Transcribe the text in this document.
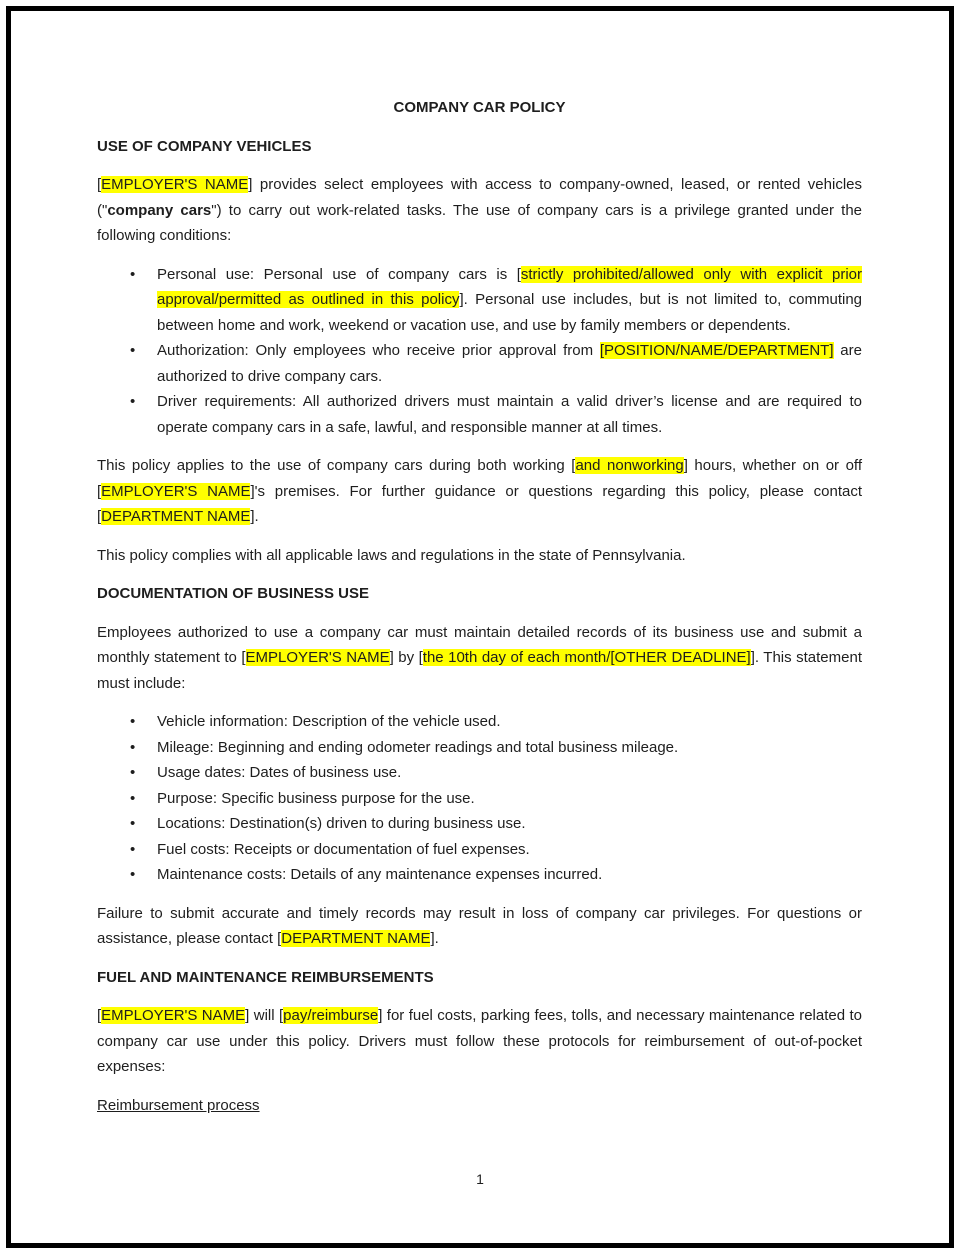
COMPANY CAR POLICY
USE OF COMPANY VEHICLES
[EMPLOYER'S NAME] provides select employees with access to company-owned, leased, or rented vehicles ("company cars") to carry out work-related tasks. The use of company cars is a privilege granted under the following conditions:
• Personal use: Personal use of company cars is [strictly prohibited/allowed only with explicit prior approval/permitted as outlined in this policy]. Personal use includes, but is not limited to, commuting between home and work, weekend or vacation use, and use by family members or dependents.
• Authorization: Only employees who receive prior approval from [POSITION/NAME/DEPARTMENT] are authorized to drive company cars.
• Driver requirements: All authorized drivers must maintain a valid driver’s license and are required to operate company cars in a safe, lawful, and responsible manner at all times.
This policy applies to the use of company cars during both working [and nonworking] hours, whether on or off [EMPLOYER'S NAME]'s premises. For further guidance or questions regarding this policy, please contact [DEPARTMENT NAME].
This policy complies with all applicable laws and regulations in the state of Pennsylvania.
DOCUMENTATION OF BUSINESS USE
Employees authorized to use a company car must maintain detailed records of its business use and submit a monthly statement to [EMPLOYER'S NAME] by [the 10th day of each month/[OTHER DEADLINE]]. This statement must include:
• Vehicle information: Description of the vehicle used.
• Mileage: Beginning and ending odometer readings and total business mileage.
• Usage dates: Dates of business use.
• Purpose: Specific business purpose for the use.
• Locations: Destination(s) driven to during business use.
• Fuel costs: Receipts or documentation of fuel expenses.
• Maintenance costs: Details of any maintenance expenses incurred.
Failure to submit accurate and timely records may result in loss of company car privileges. For questions or assistance, please contact [DEPARTMENT NAME].
FUEL AND MAINTENANCE REIMBURSEMENTS
[EMPLOYER'S NAME] will [pay/reimburse] for fuel costs, parking fees, tolls, and necessary maintenance related to company car use under this policy. Drivers must follow these protocols for reimbursement of out-of-pocket expenses:
Reimbursement process
1
